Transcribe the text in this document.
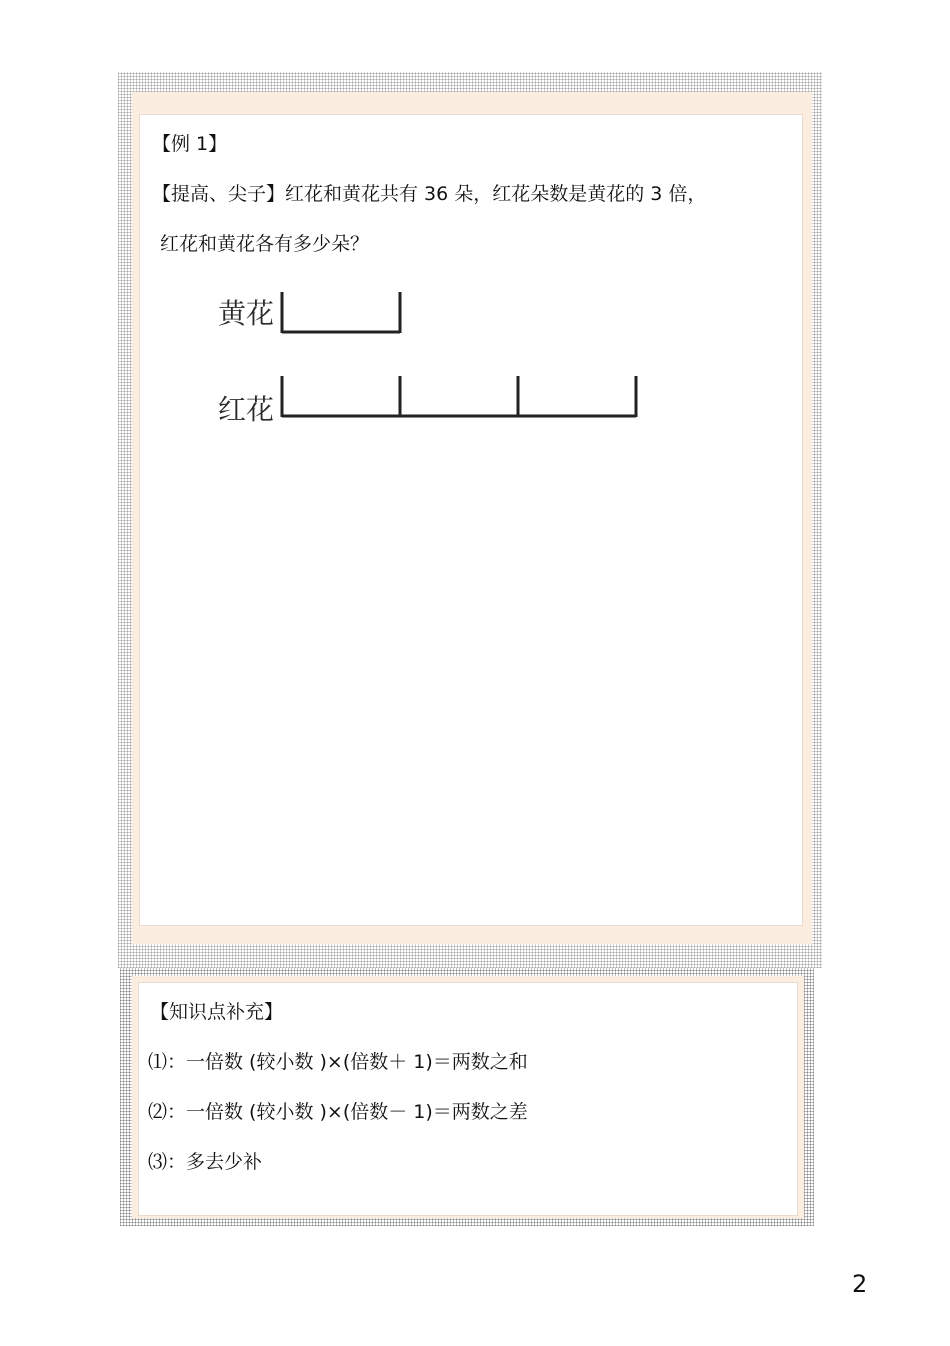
【例 1】
【提高、尖子】红花和黄花共有 36 朵，红花朵数是黄花的 3 倍，
红花和黄花各有多少朵？
黄花
红花
【知识点补充】
⑴：一倍数 (较小数 )×(倍数＋ 1)＝两数之和
⑵：一倍数 (较小数 )×(倍数－ 1)＝两数之差
⑶：多去少补
2
